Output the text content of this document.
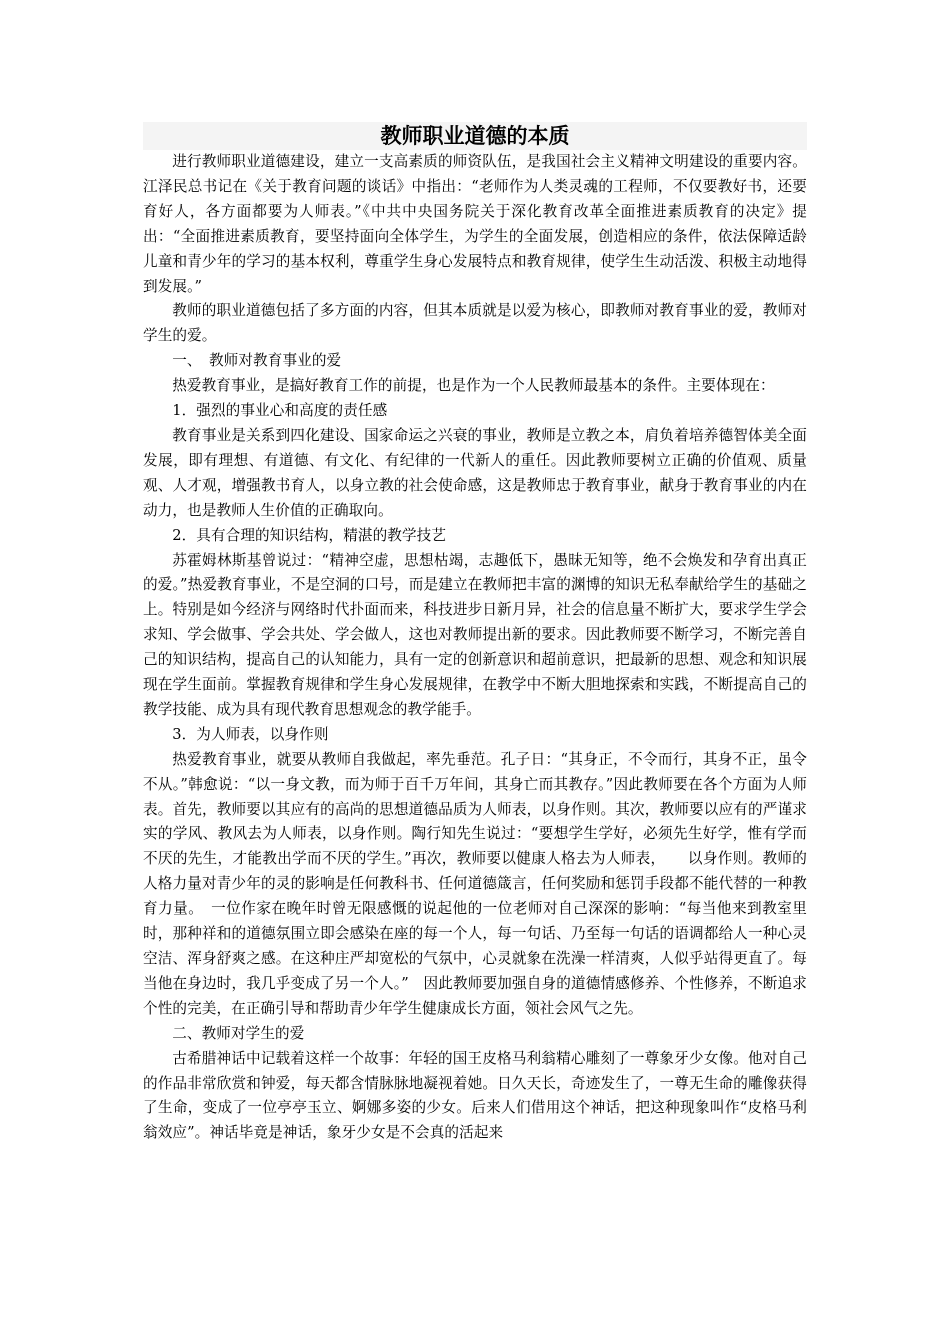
教师职业道德的本质

进行教师职业道德建设，建立一支高素质的师资队伍，是我国社会主义精神文明建设的重要内容。江泽民总书记在《关于教育问题的谈话》中指出：“老师作为人类灵魂的工程师，不仅要教好书，还要育好人，各方面都要为人师表。”《中共中央国务院关于深化教育改革全面推进素质教育的决定》提出：“全面推进素质教育，要坚持面向全体学生，为学生的全面发展，创造相应的条件，依法保障适龄儿童和青少年的学习的基本权利，尊重学生身心发展特点和教育规律，使学生生动活泼、积极主动地得到发展。”

教师的职业道德包括了多方面的内容，但其本质就是以爱为核心，即教师对教育事业的爱，教师对学生的爱。

一、　教师对教育事业的爱

热爱教育事业，是搞好教育工作的前提，也是作为一个人民教师最基本的条件。主要体现在：

1．强烈的事业心和高度的责任感

教育事业是关系到四化建设、国家命运之兴衰的事业，教师是立教之本，肩负着培养德智体美全面发展，即有理想、有道德、有文化、有纪律的一代新人的重任。因此教师要树立正确的价值观、质量观、人才观，增强教书育人，以身立教的社会使命感，这是教师忠于教育事业，献身于教育事业的内在动力，也是教师人生价值的正确取向。

2．具有合理的知识结构，精湛的教学技艺

苏霍姆林斯基曾说过：“精神空虚，思想枯竭，志趣低下，愚昧无知等，绝不会焕发和孕育出真正的爱。”热爱教育事业，不是空洞的口号，而是建立在教师把丰富的渊博的知识无私奉献给学生的基础之上。特别是如今经济与网络时代扑面而来，科技进步日新月异，社会的信息量不断扩大，要求学生学会求知、学会做事、学会共处、学会做人，这也对教师提出新的要求。因此教师要不断学习，不断完善自己的知识结构，提高自己的认知能力，具有一定的创新意识和超前意识，把最新的思想、观念和知识展现在学生面前。掌握教育规律和学生身心发展规律，在教学中不断大胆地探索和实践，不断提高自己的教学技能、成为具有现代教育思想观念的教学能手。

3．为人师表，以身作则

热爱教育事业，就要从教师自我做起，率先垂范。孔子日：“其身正，不令而行，其身不正，虽令不从。”韩愈说：“以一身文教，而为师于百千万年间，其身亡而其教存。”因此教师要在各个方面为人师表。首先，教师要以其应有的高尚的思想道德品质为人师表，以身作则。其次，教师要以应有的严谨求实的学风、教风去为人师表，以身作则。陶行知先生说过：“要想学生学好，必须先生好学，惟有学而不厌的先生，才能教出学而不厌的学生。”再次，教师要以健康人格去为人师表，　　以身作则。教师的人格力量对青少年的灵的影响是任何教科书、任何道德箴言，任何奖励和惩罚手段都不能代替的一种教育力量。　一位作家在晚年时曾无限感慨的说起他的一位老师对自己深深的影响：“每当他来到教室里时，那种祥和的道德氛围立即会感染在座的每一个人，每一句话、乃至每一句话的语调都给人一种心灵空洁、浑身舒爽之感。在这种庄严却宽松的气氛中，心灵就象在洗澡一样清爽，人似乎站得更直了。每当他在身边时，我几乎变成了另一个人。”　因此教师要加强自身的道德情感修养、个性修养，不断追求个性的完美，在正确引导和帮助青少年学生健康成长方面，领社会风气之先。

二、教师对学生的爱

古希腊神话中记载着这样一个故事：年轻的国王皮格马利翁精心雕刻了一尊象牙少女像。他对自己的作品非常欣赏和钟爱，每天都含情脉脉地凝视着她。日久天长，奇迹发生了，一尊无生命的雕像获得了生命，变成了一位亭亭玉立、婀娜多姿的少女。后来人们借用这个神话，把这种现象叫作“皮格马利翁效应”。神话毕竟是神话，象牙少女是不会真的活起来
